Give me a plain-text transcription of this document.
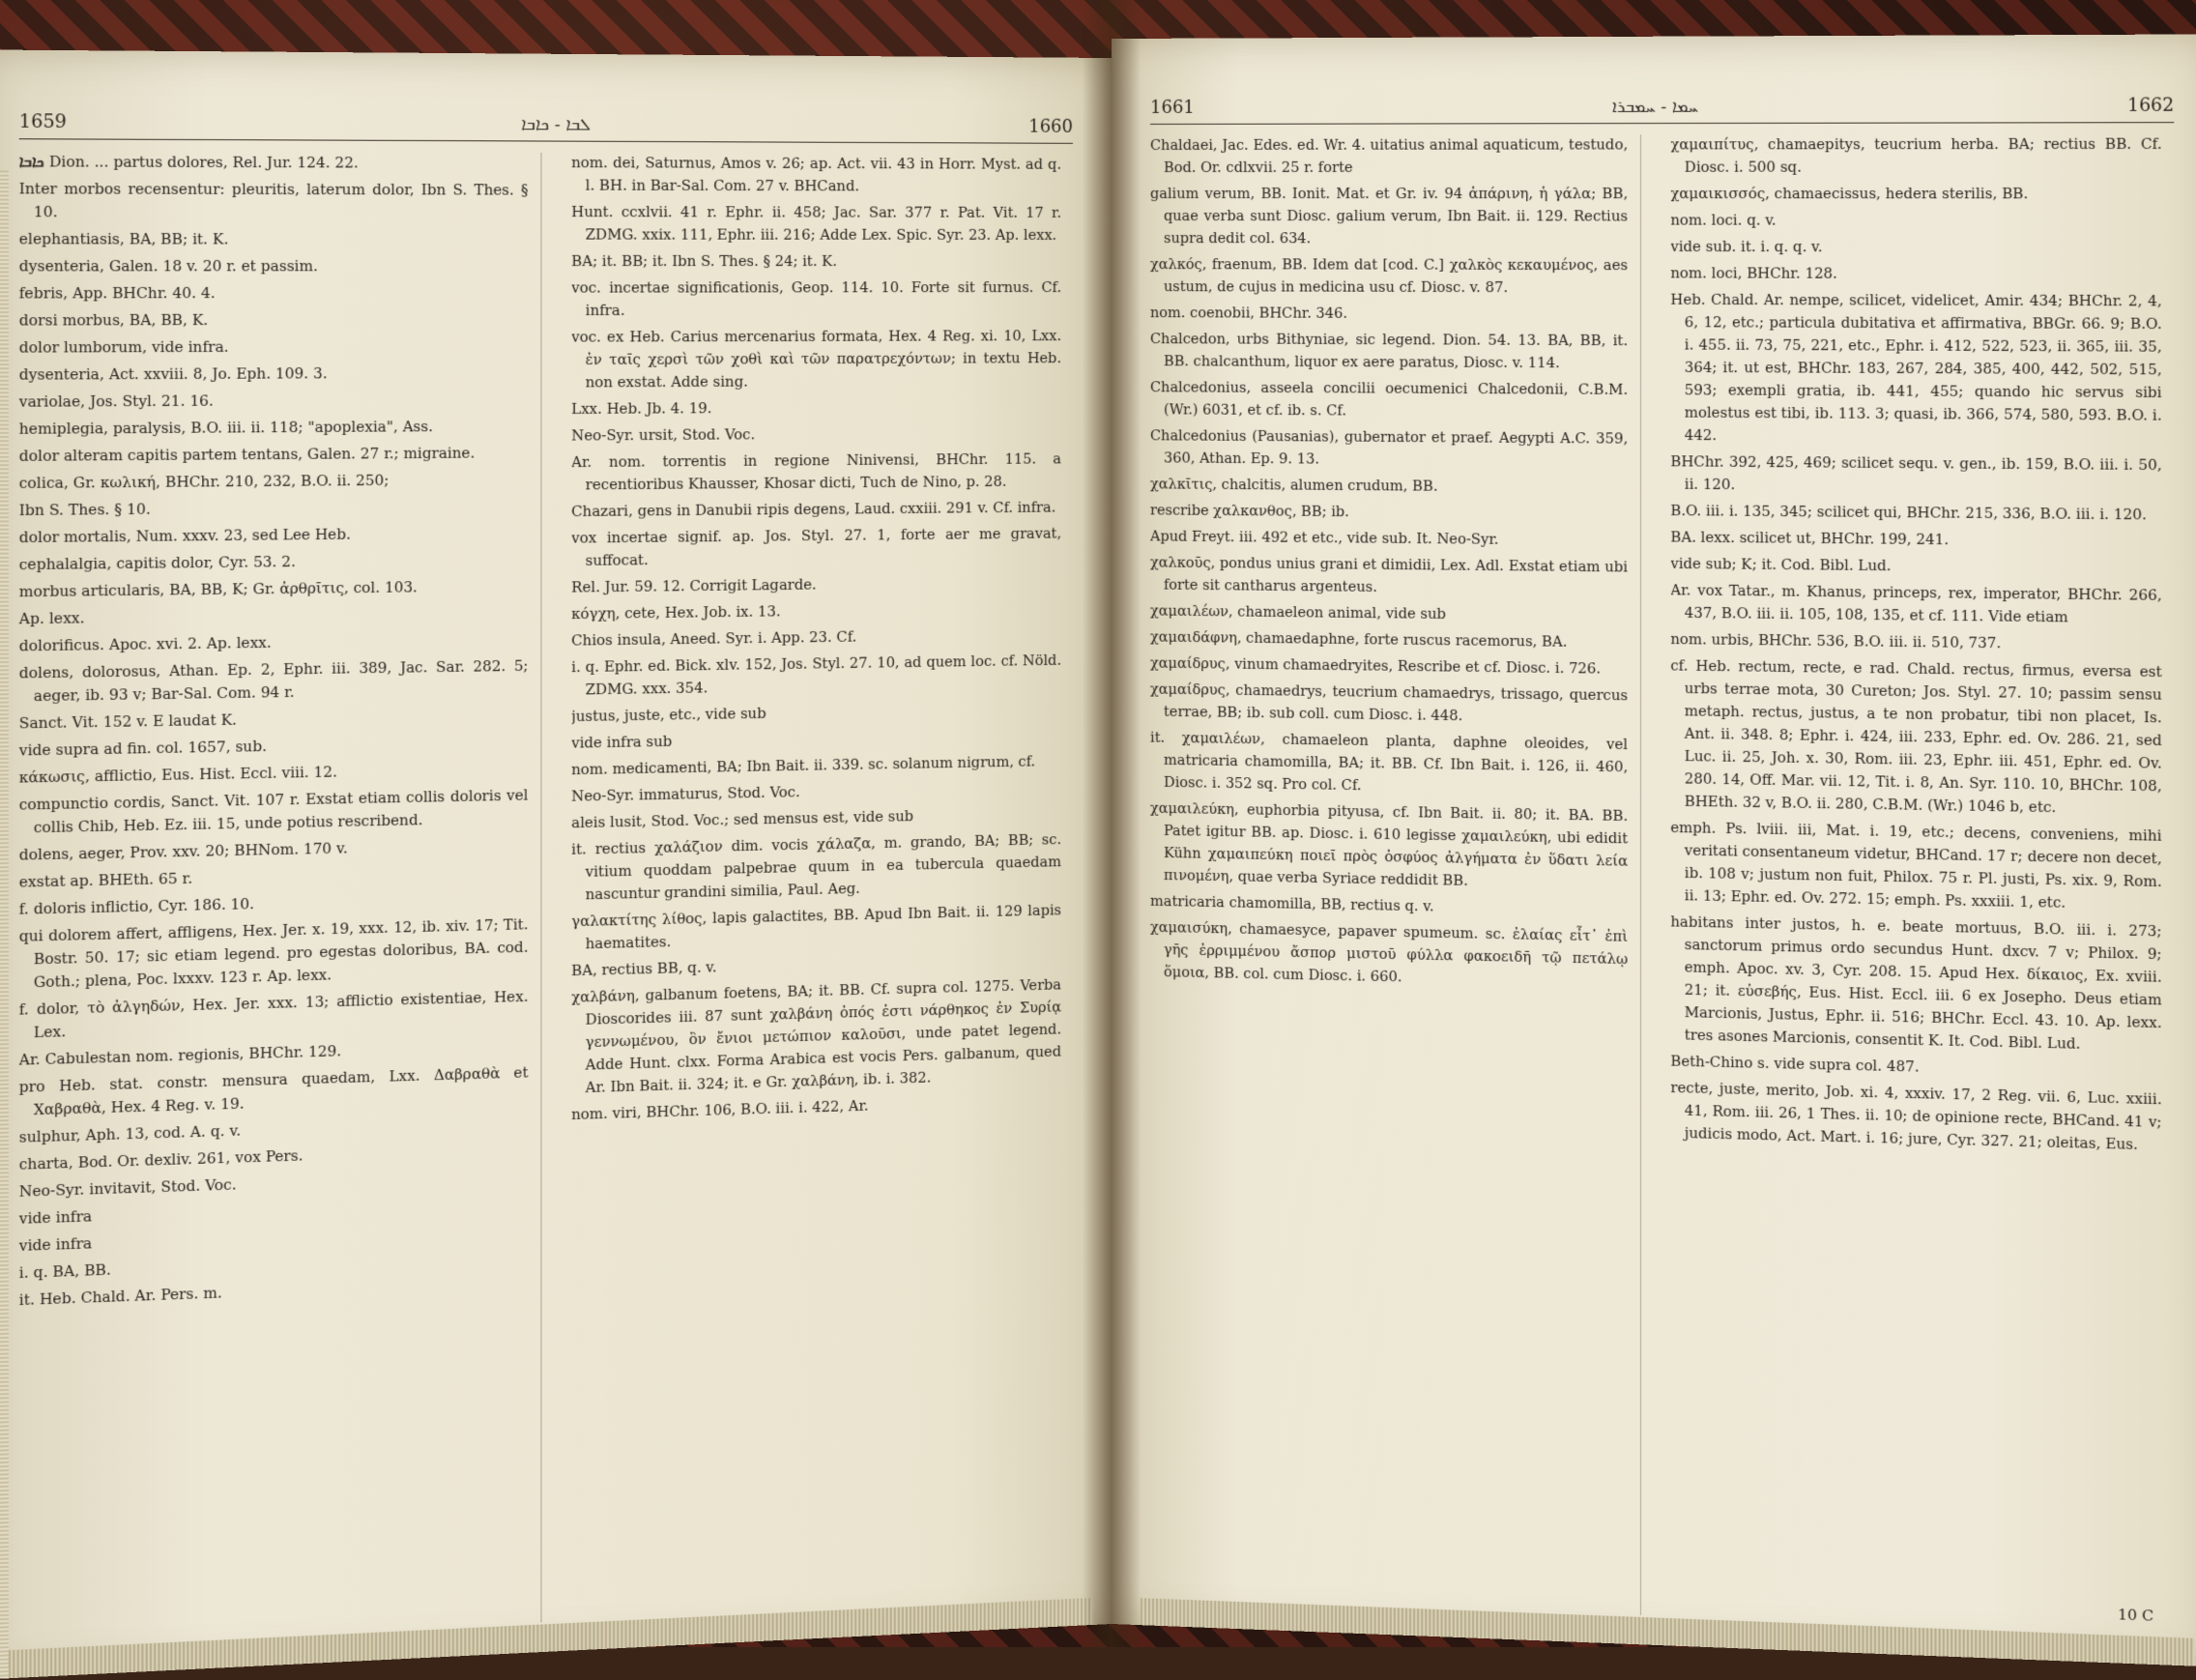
1659	ܠܒܐ - ܟܐܒܐ	1660

ܟܐܒܐ Dion. ... partus dolores, Rel. Jur. 124. 22.

Inter morbos recensentur: pleuritis, laterum dolor, Ibn S. Thes. § 10.

elephantiasis, BA, BB; it. K.

dysenteria, Galen. 18 v. 20 r. et passim.

febris, App. BHChr. 40. 4.

dorsi morbus, BA, BB, K.

dolor lumborum, vide infra.

dysenteria, Act. xxviii. 8, Jo. Eph. 109. 3.

variolae, Jos. Styl. 21. 16.

hemiplegia, paralysis, B.O. iii. ii. 118; "apoplexia", Ass.

dolor alteram capitis partem tentans, Galen. 27 r.; migraine.

colica, Gr. κωλική, BHChr. 210, 232, B.O. ii. 250;

Ibn S. Thes. § 10.

dolor mortalis, Num. xxxv. 23, sed Lee Heb.

cephalalgia, capitis dolor, Cyr. 53. 2.

morbus articularis, BA, BB, K; Gr. ἀρθρῖτις, col. 103.

Ap. lexx.

dolorificus. Apoc. xvi. 2. Ap. lexx.

dolens, dolorosus, Athan. Ep. 2, Ephr. iii. 389, Jac. Sar. 282. 5; aeger, ib. 93 v; Bar-Sal. Com. 94 r.

Sanct. Vit. 152 v. E laudat K.

vide supra ad fin. col. 1657, sub.

κάκωσις, afflictio, Eus. Hist. Eccl. viii. 12.

compunctio cordis, Sanct. Vit. 107 r. Exstat etiam collis doloris vel collis Chib, Heb. Ez. iii. 15, unde potius rescribend.

dolens, aeger, Prov. xxv. 20; BHNom. 170 v.

exstat ap. BHEth. 65 r.

f. doloris inflictio, Cyr. 186. 10.

qui dolorem affert, affligens, Hex. Jer. x. 19, xxx. 12, ib. xiv. 17; Tit. Bostr. 50. 17; sic etiam legend. pro egestas doloribus, BA. cod. Goth.; plena, Poc. lxxxv. 123 r. Ap. lexx.

f. dolor, τὸ ἀλγηδών, Hex. Jer. xxx. 13; afflictio existentiae, Hex. Lex.

Ar. Cabulestan nom. regionis, BHChr. 129.

pro Heb. stat. constr. mensura quaedam, Lxx. Δαβραθὰ et Χαβραθὰ, Hex. 4 Reg. v. 19.

sulphur, Aph. 13, cod. A. q. v.

charta, Bod. Or. dexliv. 261, vox Pers.

Neo-Syr. invitavit, Stod. Voc.

vide infra

vide infra

i. q. BA, BB.

it. Heb. Chald. Ar. Pers. m.

nom. dei, Saturnus, Amos v. 26; ap. Act. vii. 43 in Horr. Myst. ad q. l. BH. in Bar-Sal. Com. 27 v. BHCand.

Hunt. ccxlvii. 41 r. Ephr. ii. 458; Jac. Sar. 377 r. Pat. Vit. 17 r. ZDMG. xxix. 111, Ephr. iii. 216; Adde Lex. Spic. Syr. 23. Ap. lexx.

BA; it. BB; it. Ibn S. Thes. § 24; it. K.

voc. incertae significationis, Geop. 114. 10. Forte sit furnus. Cf. infra.

voc. ex Heb. Carius mercenarius formata, Hex. 4 Reg. xi. 10, Lxx. ἐν ταῖς χερσὶ τῶν χοθὶ καὶ τῶν παρατρεχόντων; in textu Heb. non exstat. Adde sing.

Lxx. Heb. Jb. 4. 19.

Neo-Syr. ursit, Stod. Voc.

Ar. nom. torrentis in regione Ninivensi, BHChr. 115. a recentioribus Khausser, Khosar dicti, Tuch de Nino, p. 28.

Chazari, gens in Danubii ripis degens, Laud. cxxiii. 291 v. Cf. infra.

vox incertae signif. ap. Jos. Styl. 27. 1, forte aer me gravat, suffocat.

Rel. Jur. 59. 12. Corrigit Lagarde.

κόγχη, cete, Hex. Job. ix. 13.

Chios insula, Aneed. Syr. i. App. 23. Cf.

i. q. Ephr. ed. Bick. xlv. 152, Jos. Styl. 27. 10, ad quem loc. cf. Nöld. ZDMG. xxx. 354.

justus, juste, etc., vide sub

vide infra sub

nom. medicamenti, BA; Ibn Bait. ii. 339. sc. solanum nigrum, cf.

Neo-Syr. immaturus, Stod. Voc.

aleis lusit, Stod. Voc.; sed mensus est, vide sub

it. rectius χαλάζιον dim. vocis χάλαζα, m. grando, BA; BB; sc. vitium quoddam palpebrae quum in ea tubercula quaedam nascuntur grandini similia, Paul. Aeg.

γαλακτίτης λίθος, lapis galactites, BB. Apud Ibn Bait. ii. 129 lapis haematites.

BA, rectius BB, q. v.

χαλβάνη, galbanum foetens, BA; it. BB. Cf. supra col. 1275. Verba Dioscorides iii. 87 sunt χαλβάνη ὀπός ἐστι νάρθηκος ἐν Συρίᾳ γεννωμένου, ὃν ἔνιοι μετώπιον καλοῦσι, unde patet legend. Adde Hunt. clxx. Forma Arabica est vocis Pers. galbanum, qued Ar. Ibn Bait. ii. 324; it. e Gr. χαλβάνη, ib. i. 382.

nom. viri, BHChr. 106, B.O. iii. i. 422, Ar.

1661	ܚܡܐ - ܚܡܒܪܐ	1662

Chaldaei, Jac. Edes. ed. Wr. 4. uitatius animal aquaticum, testudo, Bod. Or. cdlxvii. 25 r. forte

galium verum, BB. Ionit. Mat. et Gr. iv. 94 ἀπάρινη, ἡ γάλα; BB, quae verba sunt Diosc. galium verum, Ibn Bait. ii. 129. Rectius supra dedit col. 634.

χαλκός, fraenum, BB. Idem dat [cod. C.] χαλκὸς κεκαυμένος, aes ustum, de cujus in medicina usu cf. Diosc. v. 87.

nom. coenobii, BHChr. 346.

Chalcedon, urbs Bithyniae, sic legend. Dion. 54. 13. BA, BB, it. BB. chalcanthum, liquor ex aere paratus, Diosc. v. 114.

Chalcedonius, asseela concilii oecumenici Chalcedonii, C.B.M. (Wr.) 6031, et cf. ib. s. Cf.

Chalcedonius (Pausanias), gubernator et praef. Aegypti A.C. 359, 360, Athan. Ep. 9. 13.

χαλκῖτις, chalcitis, alumen crudum, BB.

rescribe χαλκανθος, BB; ib.

Apud Freyt. iii. 492 et etc., vide sub. It. Neo-Syr.

χαλκοῦς, pondus unius grani et dimidii, Lex. Adl. Exstat etiam ubi forte sit cantharus argenteus.

χαμαιλέων, chamaeleon animal, vide sub

χαμαιδάφνη, chamaedaphne, forte ruscus racemorus, BA.

χαμαίδρυς, vinum chamaedryites, Rescribe et cf. Diosc. i. 726.

χαμαίδρυς, chamaedrys, teucrium chamaedrys, trissago, quercus terrae, BB; ib. sub coll. cum Diosc. i. 448.

it. χαμαιλέων, chamaeleon planta, daphne oleoides, vel matricaria chamomilla, BA; it. BB. Cf. Ibn Bait. i. 126, ii. 460, Diosc. i. 352 sq. Pro col. Cf.

χαμαιλεύκη, euphorbia pityusa, cf. Ibn Bait. ii. 80; it. BA. BB. Patet igitur BB. ap. Diosc. i. 610 legisse χαμαιλεύκη, ubi edidit Kühn χαμαιπεύκη ποιεῖ πρὸς ὀσφύος ἀλγήματα ἐν ὕδατι λεία πινομένη, quae verba Syriace reddidit BB.

matricaria chamomilla, BB, rectius q. v.

χαμαισύκη, chamaesyce, papaver spumeum. sc. ἐλαίας εἶτ᾽ ἐπὶ γῆς ἐρριμμένου ἄσπορ μιστοῦ φύλλα φακοειδῆ τῷ πετάλῳ ὅμοια, BB. col. cum Diosc. i. 660.

χαμαιπίτυς, chamaepitys, teucrium herba. BA; rectius BB. Cf. Diosc. i. 500 sq.

χαμαικισσός, chamaecissus, hedera sterilis, BB.

nom. loci. q. v.

vide sub. it. i. q. q. v.

nom. loci, BHChr. 128.

Heb. Chald. Ar. nempe, scilicet, videlicet, Amir. 434; BHChr. 2, 4, 6, 12, etc.; particula dubitativa et affirmativa, BBGr. 66. 9; B.O. i. 455. ii. 73, 75, 221, etc., Ephr. i. 412, 522, 523, ii. 365, iii. 35, 364; it. ut est, BHChr. 183, 267, 284, 385, 400, 442, 502, 515, 593; exempli gratia, ib. 441, 455; quando hic servus sibi molestus est tibi, ib. 113. 3; quasi, ib. 366, 574, 580, 593. B.O. i. 442.

BHChr. 392, 425, 469; scilicet sequ. v. gen., ib. 159, B.O. iii. i. 50, ii. 120.

B.O. iii. i. 135, 345; scilicet qui, BHChr. 215, 336, B.O. iii. i. 120.

BA. lexx. scilicet ut, BHChr. 199, 241.

vide sub; K; it. Cod. Bibl. Lud.

Ar. vox Tatar., m. Khanus, princeps, rex, imperator, BHChr. 266, 437, B.O. iii. ii. 105, 108, 135, et cf. 111. Vide etiam

nom. urbis, BHChr. 536, B.O. iii. ii. 510, 737.

cf. Heb. rectum, recte, e rad. Chald. rectus, firmus, eversa est urbs terrae mota, 30 Cureton; Jos. Styl. 27. 10; passim sensu metaph. rectus, justus, a te non probatur, tibi non placet, Is. Ant. ii. 348. 8; Ephr. i. 424, iii. 233, Ephr. ed. Ov. 286. 21, sed Luc. ii. 25, Joh. x. 30, Rom. iii. 23, Ephr. iii. 451, Ephr. ed. Ov. 280. 14, Off. Mar. vii. 12, Tit. i. 8, An. Syr. 110. 10, BHChr. 108, BHEth. 32 v, B.O. ii. 280, C.B.M. (Wr.) 1046 b, etc.

emph. Ps. lviii. iii, Mat. i. 19, etc.; decens, conveniens, mihi veritati consentaneum videtur, BHCand. 17 r; decere non decet, ib. 108 v; justum non fuit, Philox. 75 r. Pl. justi, Ps. xix. 9, Rom. ii. 13; Ephr. ed. Ov. 272. 15; emph. Ps. xxxiii. 1, etc.

habitans inter justos, h. e. beate mortuus, B.O. iii. i. 273; sanctorum primus ordo secundus Hunt. dxcv. 7 v; Philox. 9; emph. Apoc. xv. 3, Cyr. 208. 15. Apud Hex. δίκαιος, Ex. xviii. 21; it. εὐσεβής, Eus. Hist. Eccl. iii. 6 ex Josepho. Deus etiam Marcionis, Justus, Ephr. ii. 516; BHChr. Eccl. 43. 10. Ap. lexx. tres asones Marcionis, consentit K. It. Cod. Bibl. Lud.

Beth-Chino s. vide supra col. 487.

recte, juste, merito, Job. xi. 4, xxxiv. 17, 2 Reg. vii. 6, Luc. xxiii. 41, Rom. iii. 26, 1 Thes. ii. 10; de opinione recte, BHCand. 41 v; judicis modo, Act. Mart. i. 16; jure, Cyr. 327. 21; oleitas, Eus.

10 C
